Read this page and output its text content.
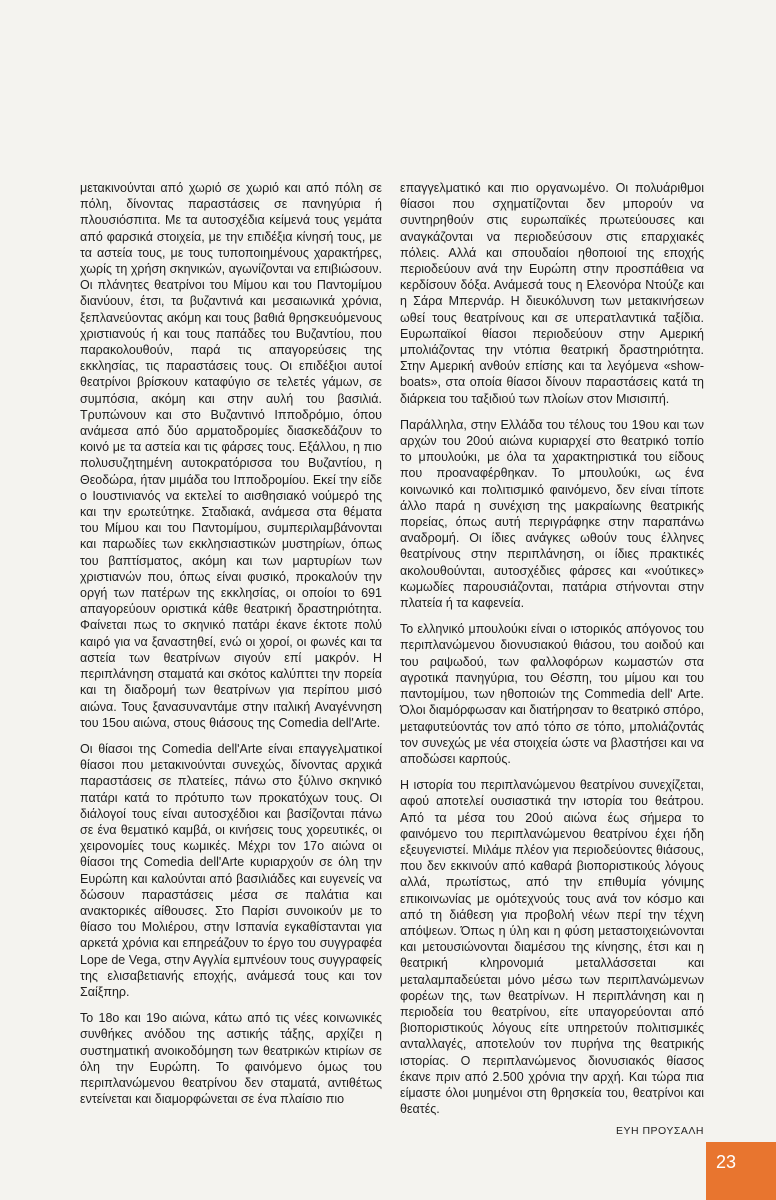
μετακινούνται από χωριό σε χωριό και από πόλη σε πόλη, δίνοντας παραστάσεις σε πανηγύρια ή πλουσιόσπιτα. Με τα αυτοσχέδια κείμενά τους γεμάτα από φαρσικά στοιχεία, με την επιδέξια κίνησή τους, με τα αστεία τους, με τους τυποποιημένους χαρακτήρες, χωρίς τη χρήση σκηνικών, αγωνίζονται να επιβιώσουν. Οι πλάνητες θεατρίνοι του Μίμου και του Παντομίμου διανύουν, έτσι, τα βυζαντινά και μεσαιωνικά χρόνια, ξεπλανεύοντας ακόμη και τους βαθιά θρησκευόμενους χριστιανούς ή και τους παπάδες του Βυζαντίου, που παρακολουθούν, παρά τις απαγορεύσεις της εκκλησίας, τις παραστάσεις τους. Οι επιδέξιοι αυτοί θεατρίνοι βρίσκουν καταφύγιο σε τελετές γάμων, σε συμπόσια, ακόμη και στην αυλή του βασιλιά. Τρυπώνουν και στο Βυζαντινό Ιπποδρόμιο, όπου ανάμεσα από δύο αρματοδρομίες διασκεδάζουν το κοινό με τα αστεία και τις φάρσες τους. Εξάλλου, η πιο πολυσυζητημένη αυτοκρατόρισσα του Βυζαντίου, η Θεοδώρα, ήταν μιμάδα του Ιπποδρομίου. Εκεί την είδε ο Ιουστινιανός να εκτελεί το αισθησιακό νούμερό της και την ερωτεύτηκε. Σταδιακά, ανάμεσα στα θέματα του Μίμου και του Παντομίμου, συμπεριλαμβάνονται και παρωδίες των εκκλησιαστικών μυστηρίων, όπως του βαπτίσματος, ακόμη και των μαρτυρίων των χριστιανών που, όπως είναι φυσικό, προκαλούν την οργή των πατέρων της εκκλησίας, οι οποίοι το 691 απαγορεύουν οριστικά κάθε θεατρική δραστηριότητα. Φαίνεται πως το σκηνικό πατάρι έκανε έκτοτε πολύ καιρό για να ξαναστηθεί, ενώ οι χοροί, οι φωνές και τα αστεία των θεατρίνων σιγούν επί μακρόν. Η περιπλάνηση σταματά και σκότος καλύπτει την πορεία και τη διαδρομή των θεατρίνων για περίπου μισό αιώνα. Τους ξανασυναντάμε στην ιταλική Αναγέννηση του 15ου αιώνα, στους θιάσους της Comedia dell'Arte.

Οι θίασοι της Comedia dell'Arte είναι επαγγελματικοί θίασοι που μετακινούνται συνεχώς, δίνοντας αρχικά παραστάσεις σε πλατείες, πάνω στο ξύλινο σκηνικό πατάρι κατά το πρότυπο των προκατόχων τους. Οι διάλογοί τους είναι αυτοσχέδιοι και βασίζονται πάνω σε ένα θεματικό καμβά, οι κινήσεις τους χορευτικές, οι χειρονομίες τους κωμικές. Μέχρι τον 17ο αιώνα οι θίασοι της Comedia dell'Arte κυριαρχούν σε όλη την Ευρώπη και καλούνται από βασιλιάδες και ευγενείς να δώσουν παραστάσεις μέσα σε παλάτια και ανακτορικές αίθουσες. Στο Παρίσι συνοικούν με το θίασο του Μολιέρου, στην Ισπανία εγκαθίστανται για αρκετά χρόνια και επηρεάζουν το έργο του συγγραφέα Lope de Vega, στην Αγγλία εμπνέουν τους συγγραφείς της ελισαβετιανής εποχής, ανάμεσά τους και τον Σαίξπηρ.

Το 18ο και 19ο αιώνα, κάτω από τις νέες κοινωνικές συνθήκες ανόδου της αστικής τάξης, αρχίζει η συστηματική ανοικοδόμηση των θεατρικών κτιρίων σε όλη την Ευρώπη. Το φαινόμενο όμως του περιπλανώμενου θεατρίνου δεν σταματά, αντιθέτως εντείνεται και διαμορφώνεται σε ένα πλαίσιο πιο

επαγγελματικό και πιο οργανωμένο. Οι πολυάριθμοι θίασοι που σχηματίζονται δεν μπορούν να συντηρηθούν στις ευρωπαϊκές πρωτεύουσες και αναγκάζονται να περιοδεύσουν στις επαρχιακές πόλεις. Αλλά και σπουδαίοι ηθοποιοί της εποχής περιοδεύουν ανά την Ευρώπη στην προσπάθεια να κερδίσουν δόξα. Ανάμεσά τους η Ελεονόρα Ντούζε και η Σάρα Μπερνάρ. Η διευκόλυνση των μετακινήσεων ωθεί τους θεατρίνους και σε υπερατλαντικά ταξίδια. Ευρωπαϊκοί θίασοι περιοδεύουν στην Αμερική μπολιάζοντας την ντόπια θεατρική δραστηριότητα. Στην Αμερική ανθούν επίσης και τα λεγόμενα «show-boats», στα οποία θίασοι δίνουν παραστάσεις κατά τη διάρκεια του ταξιδιού των πλοίων στον Μισισιπή.

Παράλληλα, στην Ελλάδα του τέλους του 19ου και των αρχών του 20ού αιώνα κυριαρχεί στο θεατρικό τοπίο το μπουλούκι, με όλα τα χαρακτηριστικά του είδους που προαναφέρθηκαν. Το μπουλούκι, ως ένα κοινωνικό και πολιτισμικό φαινόμενο, δεν είναι τίποτε άλλο παρά η συνέχιση της μακραίωνης θεατρικής πορείας, όπως αυτή περιγράφηκε στην παραπάνω αναδρομή. Οι ίδιες ανάγκες ωθούν τους έλληνες θεατρίνους στην περιπλάνηση, οι ίδιες πρακτικές ακολουθούνται, αυτοσχέδιες φάρσες και «νούτικες» κωμωδίες παρουσιάζονται, πατάρια στήνονται στην πλατεία ή τα καφενεία.

Το ελληνικό μπουλούκι είναι ο ιστορικός απόγονος του περιπλανώμενου διονυσιακού θιάσου, του αοιδού και του ραψωδού, των φαλλοφόρων κωμαστών στα αγροτικά πανηγύρια, του Θέσπη, του μίμου και του παντομίμου, των ηθοποιών της Commedia dell' Arte. Όλοι διαμόρφωσαν και διατήρησαν το θεατρικό σπόρο, μεταφυτεύοντάς τον από τόπο σε τόπο, μπολιάζοντάς τον συνεχώς με νέα στοιχεία ώστε να βλαστήσει και να αποδώσει καρπούς.

Η ιστορία του περιπλανώμενου θεατρίνου συνεχίζεται, αφού αποτελεί ουσιαστικά την ιστορία του θεάτρου. Από τα μέσα του 20ού αιώνα έως σήμερα το φαινόμενο του περιπλανώμενου θεατρίνου έχει ήδη εξευγενιστεί. Μιλάμε πλέον για περιοδεύοντες θιάσους, που δεν εκκινούν από καθαρά βιοποριστικούς λόγους αλλά, πρωτίστως, από την επιθυμία γόνιμης επικοινωνίας με ομότεχνούς τους ανά τον κόσμο και από τη διάθεση για προβολή νέων περί την τέχνη απόψεων. Όπως η ύλη και η φύση μεταστοιχειώνονται και μετουσιώνονται διαμέσου της κίνησης, έτσι και η θεατρική κληρονομιά μεταλλάσσεται και μεταλαμπαδεύεται μόνο μέσω των περιπλανώμενων φορέων της, των θεατρίνων. Η περιπλάνηση και η περιοδεία του θεατρίνου, είτε υπαγορεύονται από βιοποριστικούς λόγους είτε υπηρετούν πολιτισμικές ανταλλαγές, αποτελούν τον πυρήνα της θεατρικής ιστορίας. Ο περιπλανώμενος διονυσιακός θίασος έκανε πριν από 2.500 χρόνια την αρχή. Και τώρα πια είμαστε όλοι μυημένοι στη θρησκεία του, θεατρίνοι και θεατές.

ΕΥΗ ΠΡΟΥΣΑΛΗ
23
